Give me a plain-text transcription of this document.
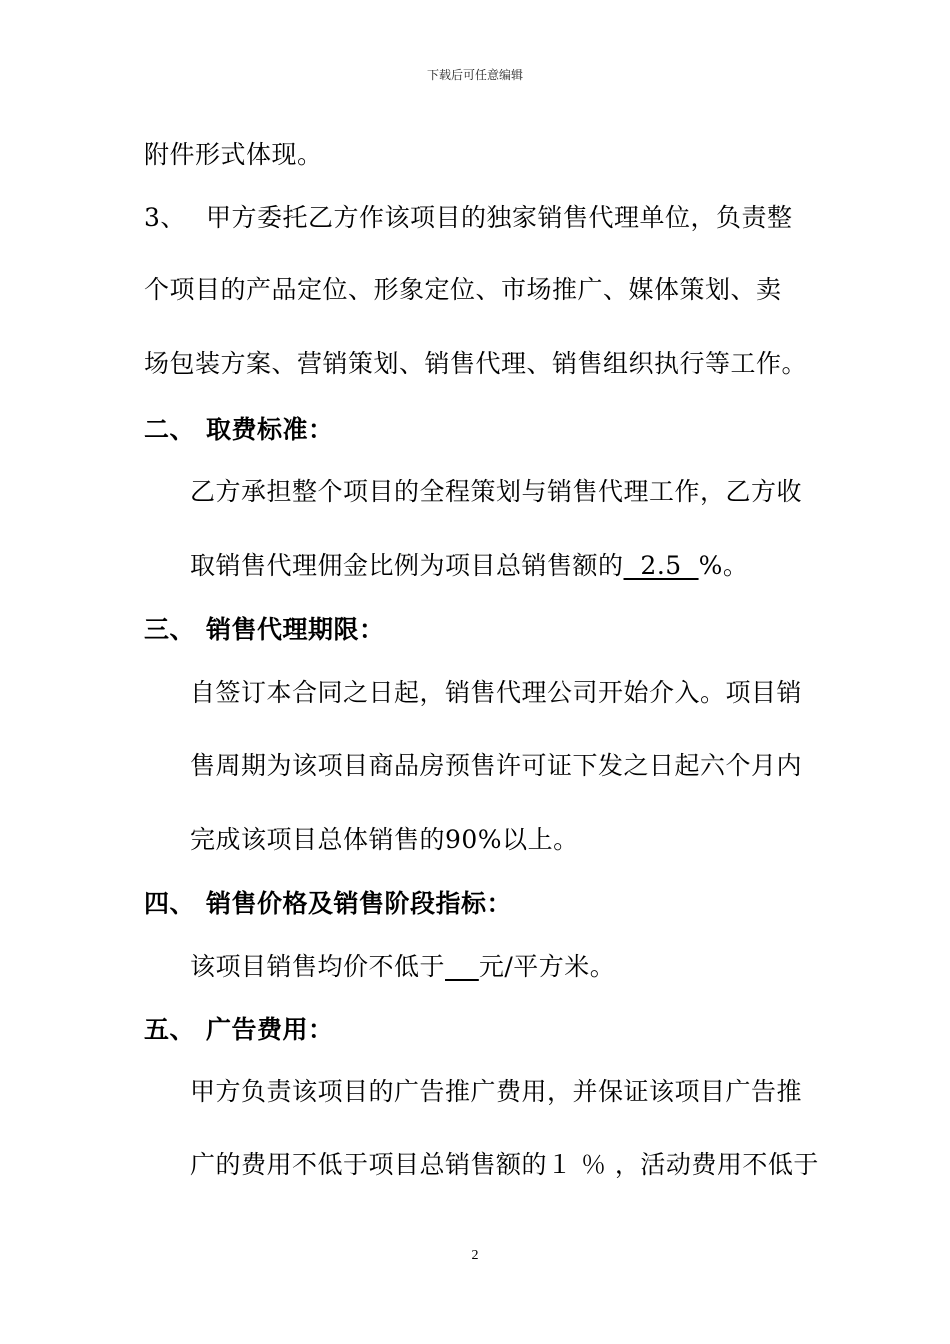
下载后可任意编辑
附件形式体现。
3、 甲方委托乙方作该项目的独家销售代理单位，负责整
个项目的产品定位、形象定位、市场推广、媒体策划、卖
场包装方案、营销策划、销售代理、销售组织执行等工作。
二、 取费标准：
乙方承担整个项目的全程策划与销售代理工作，乙方收
取销售代理佣金比例为项目总销售额的  2.5  %。
三、 销售代理期限：
自签订本合同之日起，销售代理公司开始介入。项目销
售周期为该项目商品房预售许可证下发之日起六个月内
完成该项目总体销售的90%以上。
四、 销售价格及销售阶段指标：
该项目销售均价不低于 元/平方米。
五、 广告费用：
甲方负责该项目的广告推广费用，并保证该项目广告推
广的费用不低于项目总销售额的１ ％ ，活动费用不低于
2
